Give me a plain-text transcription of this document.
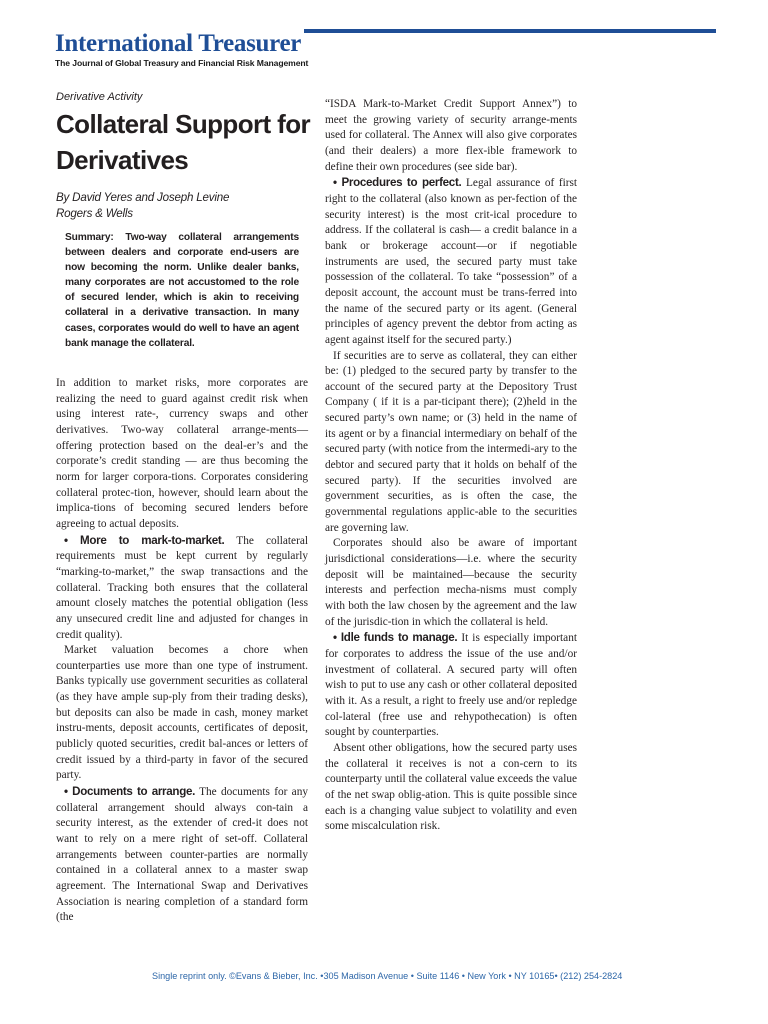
International Treasurer
The Journal of Global Treasury and Financial Risk Management

Derivative Activity

Collateral Support for
Derivatives
By David Yeres and Joseph Levine
Rogers & Wells
Summary: Two-way collateral arrangements between dealers and corporate end-users are now becoming the norm. Unlike dealer banks, many corporates are not accustomed to the role of secured lender, which is akin to receiving collateral in a derivative transaction. In many cases, corporates would do well to have an agent bank manage the collateral.

In addition to market risks, more corporates are realizing the need to guard against credit risk when using interest rate-, currency swaps and other derivatives. Two-way collateral arrange-ments— offering protection based on the deal-er’s and the corporate’s credit standing — are thus becoming the norm for larger corpora-tions. Corporates considering collateral protec-tion, however, should learn about the implica-tions of becoming secured lenders before agreeing to actual deposits.

• More to mark-to-market. The collateral requirements must be kept current by regularly “marking-to-market,” the swap transactions and the collateral. Tracking both ensures that the collateral amount closely matches the potential obligation (less any unsecured credit line and adjusted for changes in credit quality).

Market valuation becomes a chore when counterparties use more than one type of instrument. Banks typically use government securities as collateral (as they have ample sup-ply from their trading desks), but deposits can also be made in cash, money market instru-ments, deposit accounts, certificates of deposit, publicly quoted securities, credit bal-ances or letters of credit issued by a third-party in favor of the secured party.

• Documents to arrange. The documents for any collateral arrangement should always con-tain a security interest, as the extender of cred-it does not want to rely on a mere right of set-off. Collateral arrangements between counter-parties are normally contained in a collateral annex to a master swap agreement. The International Swap and Derivatives Association is nearing completion of a standard form (the

“ISDA Mark-to-Market Credit Support Annex”) to meet the growing variety of security arrange-ments used for collateral. The Annex will also give corporates (and their dealers) a more flex-ible framework to define their own procedures (see side bar).

• Procedures to perfect. Legal assurance of first right to the collateral (also known as per-fection of the security interest) is the most crit-ical procedure to address. If the collateral is cash— a credit balance in a bank or brokerage account—or if negotiable instruments are used, the secured party must take possession of the collateral. To take “possession” of a deposit account, the account must be trans-ferred into the name of the secured party or its agent. (General principles of agency prevent the debtor from acting as agent against itself for the secured party.)

If securities are to serve as collateral, they can either be: (1) pledged to the secured party by transfer to the account of the secured party at the Depository Trust Company ( if it is a par-ticipant there); (2)held in the secured party’s own name; or (3) held in the name of its agent or by a financial intermediary on behalf of the secured party (with notice from the intermedi-ary to the debtor and secured party that it holds on behalf of the secured party). If the securities involved are government securities, as is often the case, the governmental regulations applic-able to the securities are governing law.

Corporates should also be aware of important jurisdictional considerations—i.e. where the security deposit will be maintained—because the security interests and perfection mecha-nisms must comply with both the law chosen by the agreement and the law of the jurisdic-tion in which the collateral is held.

• Idle funds to manage. It is especially important for corporates to address the issue of the use and/or investment of collateral. A secured party will often wish to put to use any cash or other collateral deposited with it. As a result, a right to freely use and/or repledge col-lateral (free use and rehypothecation) is often sought by counterparties.

Absent other obligations, how the secured party uses the collateral it receives is not a con-cern to its counterparty until the collateral value exceeds the value of the net swap oblig-ation. This is quite possible since each is a changing value subject to volatility and even some miscalculation risk.

Single reprint only. ©Evans & Bieber, Inc. •305 Madison Avenue • Suite 1146 • New York • NY 10165• (212) 254-2824
